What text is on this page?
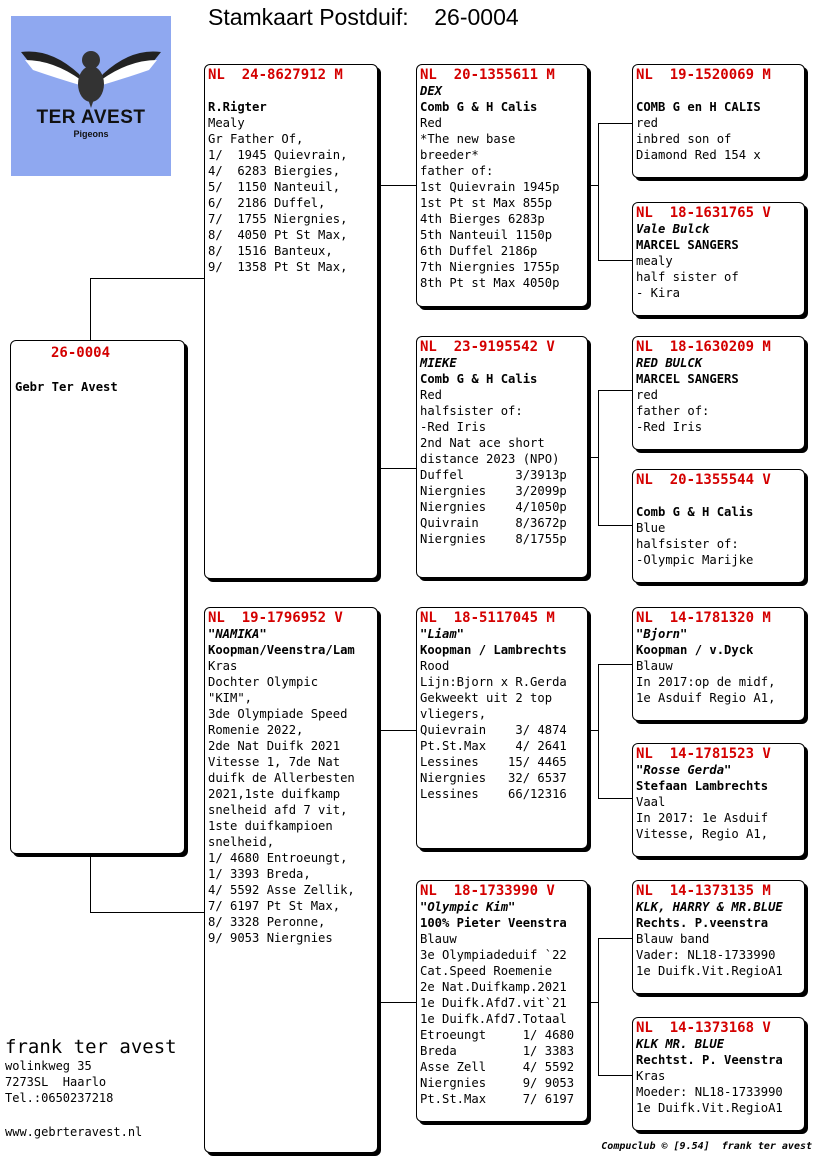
Stamkaart Postduif: 26-0004
TER AVEST
Pigeons
26-0004
Gebr Ter Avest
NL  24-8627912 M
R.Rigter
Mealy
Gr Father Of,
1/  1945 Quievrain,
4/  6283 Biergies,
5/  1150 Nanteuil,
6/  2186 Duffel,
7/  1755 Niergnies,
8/  4050 Pt St Max,
8/  1516 Banteux,
9/  1358 Pt St Max,
NL  19-1796952 V
"NAMIKA"
Koopman/Veenstra/Lam
Kras
Dochter Olympic
"KIM",
3de Olympiade Speed
Romenie 2022,
2de Nat Duifk 2021
Vitesse 1, 7de Nat
duifk de Allerbesten
2021,1ste duifkamp
snelheid afd 7 vit,
1ste duifkampioen
snelheid,
1/ 4680 Entroeungt,
1/ 3393 Breda,
4/ 5592 Asse Zellik,
7/ 6197 Pt St Max,
8/ 3328 Peronne,
9/ 9053 Niergnies
NL  20-1355611 M
DEX
Comb G & H Calis
Red
*The new base
breeder*
father of:
1st Quievrain 1945p
1st Pt st Max 855p
4th Bierges 6283p
5th Nanteuil 1150p
6th Duffel 2186p
7th Niergnies 1755p
8th Pt st Max 4050p
NL  23-9195542 V
MIEKE
Comb G & H Calis
Red
halfsister of:
-Red Iris
2nd Nat ace short
distance 2023 (NPO)
Duffel       3/3913p
Niergnies    3/2099p
Niergnies    4/1050p
Quivrain     8/3672p
Niergnies    8/1755p
NL  18-5117045 M
"Liam"
Koopman / Lambrechts
Rood
Lijn:Bjorn x R.Gerda
Gekweekt uit 2 top
vliegers,
Quievrain    3/ 4874
Pt.St.Max    4/ 2641
Lessines    15/ 4465
Niergnies   32/ 6537
Lessines    66/12316
NL  18-1733990 V
"Olympic Kim"
100% Pieter Veenstra
Blauw
3e Olympiadeduif `22
Cat.Speed Roemenie
2e Nat.Duifkamp.2021
1e Duifk.Afd7.vit`21
1e Duifk.Afd7.Totaal
Etroeungt     1/ 4680
Breda         1/ 3383
Asse Zell     4/ 5592
Niergnies     9/ 9053
Pt.St.Max     7/ 6197
NL  19-1520069 M
COMB G en H CALIS
red
inbred son of
Diamond Red 154 x
NL  18-1631765 V
Vale Bulck
MARCEL SANGERS
mealy
half sister of
- Kira
NL  18-1630209 M
RED BULCK
MARCEL SANGERS
red
father of:
-Red Iris
NL  20-1355544 V
Comb G & H Calis
Blue
halfsister of:
-Olympic Marijke
NL  14-1781320 M
"Bjorn"
Koopman / v.Dyck
Blauw
In 2017:op de midf,
1e Asduif Regio A1,
NL  14-1781523 V
"Rosse Gerda"
Stefaan Lambrechts
Vaal
In 2017: 1e Asduif
Vitesse, Regio A1,
NL  14-1373135 M
KLK, HARRY & MR.BLUE
Rechts. P.veenstra
Blauw band
Vader: NL18-1733990
1e Duifk.Vit.RegioA1
NL  14-1373168 V
KLK MR. BLUE
Rechtst. P. Veenstra
Kras
Moeder: NL18-1733990
1e Duifk.Vit.RegioA1
frank ter avest
wolinkweg 35
7273SL  Haarlo
Tel.:0650237218
www.gebrteravest.nl
Compuclub © [9.54]  frank ter avest
